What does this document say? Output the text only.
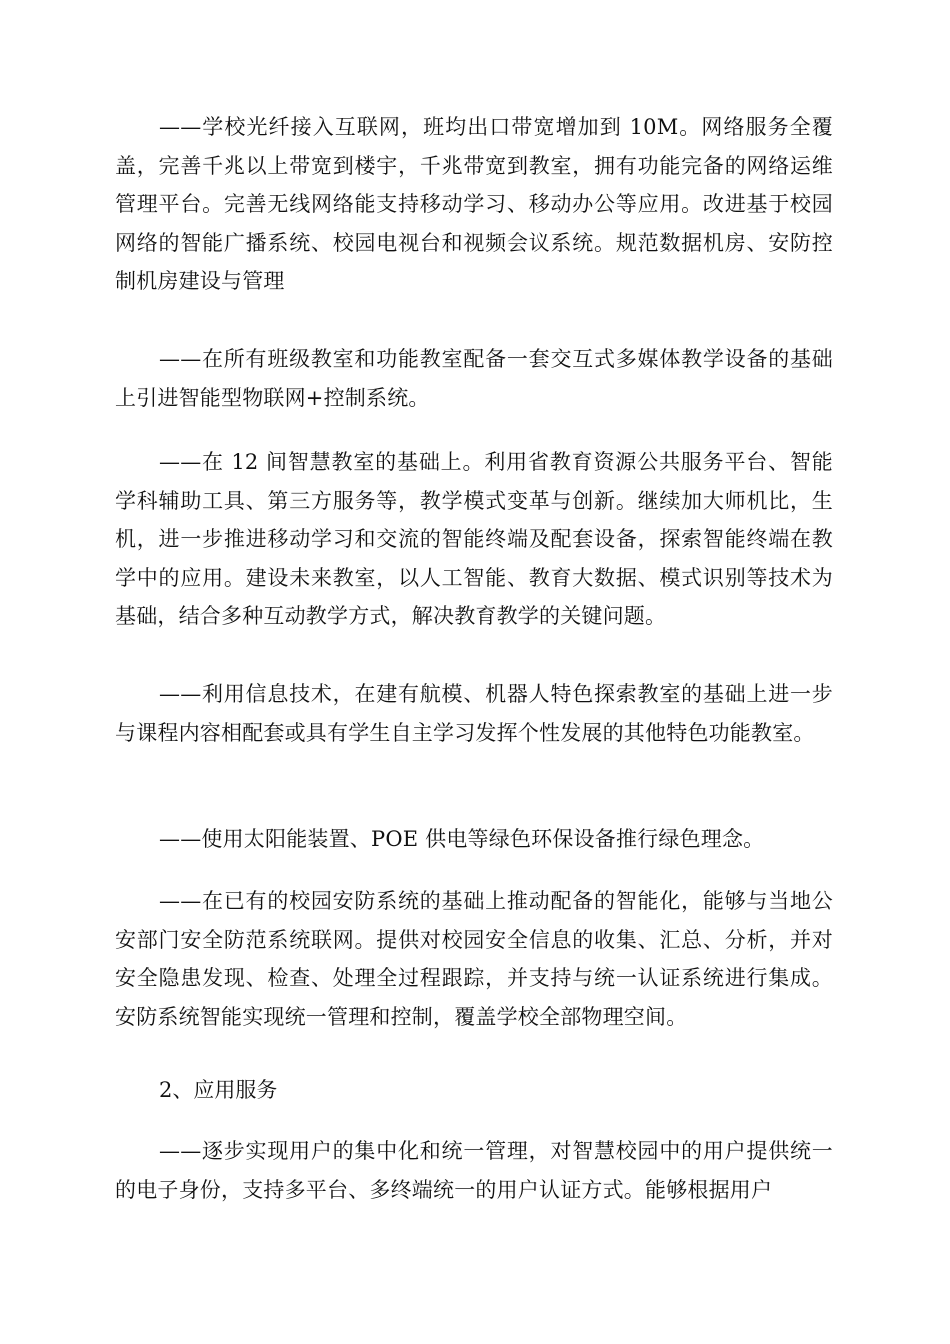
——学校光纤接入互联网，班均出口带宽增加到 10M。网络服务全覆盖，完善千兆以上带宽到楼宇，千兆带宽到教室，拥有功能完备的网络运维管理平台。完善无线网络能支持移动学习、移动办公等应用。改进基于校园网络的智能广播系统、校园电视台和视频会议系统。规范数据机房、安防控制机房建设与管理

——在所有班级教室和功能教室配备一套交互式多媒体教学设备的基础上引进智能型物联网+控制系统。

——在 12 间智慧教室的基础上。利用省教育资源公共服务平台、智能学科辅助工具、第三方服务等，教学模式变革与创新。继续加大师机比，生机，进一步推进移动学习和交流的智能终端及配套设备，探索智能终端在教学中的应用。建设未来教室，以人工智能、教育大数据、模式识别等技术为基础，结合多种互动教学方式，解决教育教学的关键问题。

——利用信息技术，在建有航模、机器人特色探索教室的基础上进一步与课程内容相配套或具有学生自主学习发挥个性发展的其他特色功能教室。

——使用太阳能装置、POE 供电等绿色环保设备推行绿色理念。

——在已有的校园安防系统的基础上推动配备的智能化，能够与当地公安部门安全防范系统联网。提供对校园安全信息的收集、汇总、分析，并对安全隐患发现、检查、处理全过程跟踪，并支持与统一认证系统进行集成。安防系统智能实现统一管理和控制，覆盖学校全部物理空间。

2、应用服务

——逐步实现用户的集中化和统一管理，对智慧校园中的用户提供统一的电子身份，支持多平台、多终端统一的用户认证方式。能够根据用户
